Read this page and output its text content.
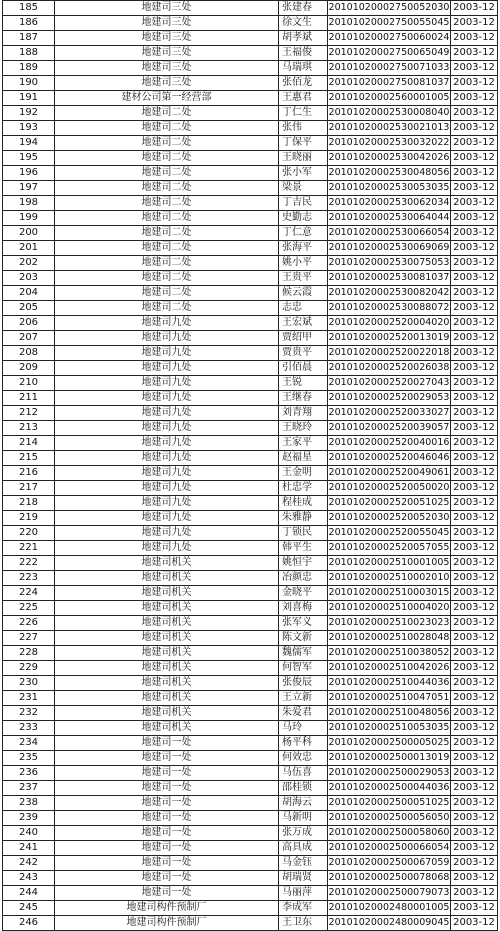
185	地建司三处	张建春	20101020002750052030	2003-12
186	地建司三处	徐文生	20101020002750055045	2003-12
187	地建司三处	胡孝斌	20101020002750060024	2003-12
188	地建司三处	王福俊	20101020002750065049	2003-12
189	地建司三处	马瑞琪	20101020002750071033	2003-12
190	地建司三处	张佰龙	20101020002750081037	2003-12
191	建材公司第一经营部	王惠君	20101020002560001005	2003-12
192	地建司二处	丁仁生	20101020002530008040	2003-12
193	地建司二处	张伟	20101020002530021013	2003-12
194	地建司二处	丁保平	20101020002530032022	2003-12
195	地建司二处	王晓丽	20101020002530042026	2003-12
196	地建司二处	张小军	20101020002530048056	2003-12
197	地建司二处	梁景	20101020002530053035	2003-12
198	地建司二处	丁吉民	20101020002530062034	2003-12
199	地建司二处	史勤志	20101020002530064044	2003-12
200	地建司二处	丁仁意	20101020002530066054	2003-12
201	地建司二处	张海平	20101020002530069069	2003-12
202	地建司二处	姚小平	20101020002530075053	2003-12
203	地建司二处	王贵平	20101020002530081037	2003-12
204	地建司二处	候云霞	20101020002530082042	2003-12
205	地建司二处	志忠	20101020002530088072	2003-12
206	地建司九处	王宏斌	20101020002520004020	2003-12
207	地建司九处	贾绍甲	20101020002520013019	2003-12
208	地建司九处	贾贵平	20101020002520022018	2003-12
209	地建司九处	引佰晨	20101020002520026038	2003-12
210	地建司九处	王锐	20101020002520027043	2003-12
211	地建司九处	王继春	20101020002520029053	2003-12
212	地建司九处	刘青翔	20101020002520033027	2003-12
213	地建司九处	王晓玲	20101020002520039057	2003-12
214	地建司九处	王家平	20101020002520040016	2003-12
215	地建司九处	赵福星	20101020002520046046	2003-12
216	地建司九处	王金明	20101020002520049061	2003-12
217	地建司九处	杜忠学	20101020002520050020	2003-12
218	地建司九处	程桂成	20101020002520051025	2003-12
219	地建司九处	朱雅静	20101020002520052030	2003-12
220	地建司九处	丁锁民	20101020002520055045	2003-12
221	地建司九处	韩平生	20101020002520057055	2003-12
222	地建司机关	姚恒宇	20101020002510001005	2003-12
223	地建司机关	冶颜忠	20101020002510002010	2003-12
224	地建司机关	金晓平	20101020002510003015	2003-12
225	地建司机关	刘喜梅	20101020002510004020	2003-12
226	地建司机关	张军义	20101020002510023023	2003-12
227	地建司机关	陈文新	20101020002510028048	2003-12
228	地建司机关	魏儒军	20101020002510038052	2003-12
229	地建司机关	何智军	20101020002510042026	2003-12
230	地建司机关	张俊辰	20101020002510044036	2003-12
231	地建司机关	王立新	20101020002510047051	2003-12
232	地建司机关	朱爱君	20101020002510048056	2003-12
233	地建司机关	马玲	20101020002510053035	2003-12
234	地建司一处	杨平科	20101020002500005025	2003-12
235	地建司一处	何效忠	20101020002500013019	2003-12
236	地建司一处	马伍喜	20101020002500029053	2003-12
237	地建司一处	邵桂锁	20101020002500044036	2003-12
238	地建司一处	胡海云	20101020002500051025	2003-12
239	地建司一处	马新明	20101020002500056050	2003-12
240	地建司一处	张万成	20101020002500058060	2003-12
241	地建司一处	高具成	20101020002500066054	2003-12
242	地建司一处	马金钰	20101020002500067059	2003-12
243	地建司一处	胡瑞贤	20101020002500078068	2003-12
244	地建司一处	马丽萍	20101020002500079073	2003-12
245	地建司构件预制厂	李成军	20101020002480001005	2003-12
246	地建司构件预制厂	王卫东	20101020002480009045	2003-12
